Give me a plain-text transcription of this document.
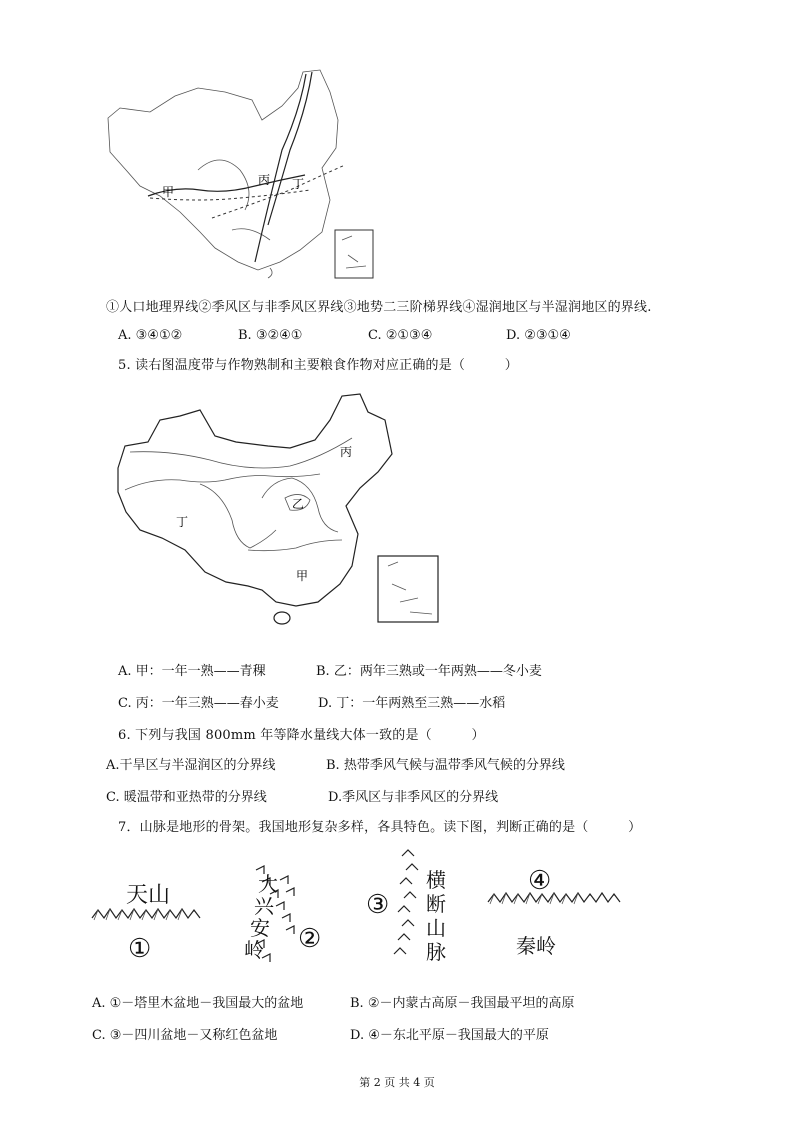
甲
丙 丁
①人口地理界线②季风区与非季风区界线③地势二三阶梯界线④湿润地区与半湿润地区的界线.
A. ③④①②	B. ③②④①	C. ②①③④	D. ②③①④
5. 读右图温度带与作物熟制和主要粮食作物对应正确的是（　　　）
丙
乙
丁
甲
A. 甲：一年一熟——青稞	B. 乙：两年三熟或一年两熟——冬小麦
C. 丙：一年三熟——春小麦	D. 丁：一年两熟至三熟——水稻
6. 下列与我国 800mm 年等降水量线大体一致的是（　　　）
A.干旱区与半湿润区的分界线	B. 热带季风气候与温带季风气候的分界线
C. 暖温带和亚热带的分界线	D.季风区与非季风区的分界线
7．山脉是地形的骨架。我国地形复杂多样，各具特色。读下图，判断正确的是（　　　）
天山
①
大
兴
安
岭 ②
③
横
断
山
脉
④
秦岭
A. ①－塔里木盆地－我国最大的盆地	B. ②－内蒙古高原－我国最平坦的高原
C. ③－四川盆地－又称红色盆地	D. ④－东北平原－我国最大的平原
第 2 页 共 4 页
